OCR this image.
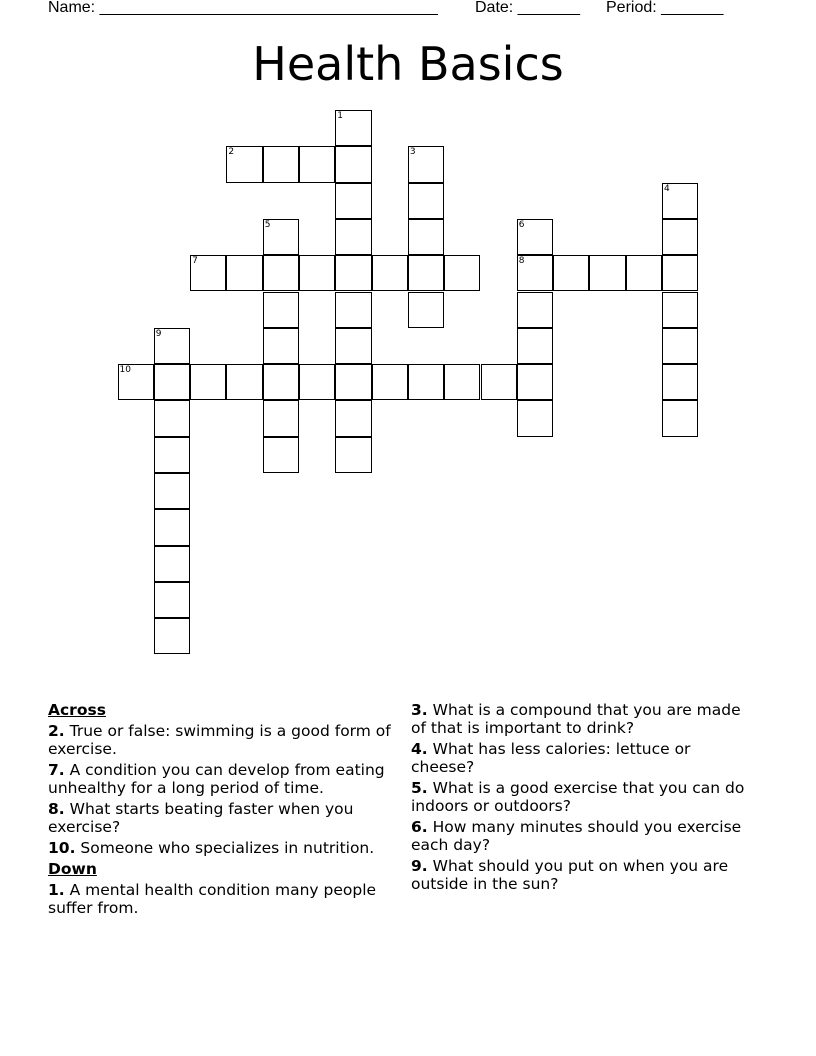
Name: ______________________________________ Date: _______ Period: _______
Health Basics
1
2	3
4
5	6
8
7
9
10
Across
2. True or false: swimming is a good form of exercise.
7. A condition you can develop from eating unhealthy for a long period of time.
8. What starts beating faster when you exercise?
10. Someone who specializes in nutrition.
Down
1. A mental health condition many people suffer from.
3. What is a compound that you are made of that is important to drink?
4. What has less calories: lettuce or cheese?
5. What is a good exercise that you can do indoors or outdoors?
6. How many minutes should you exercise each day?
9. What should you put on when you are outside in the sun?
